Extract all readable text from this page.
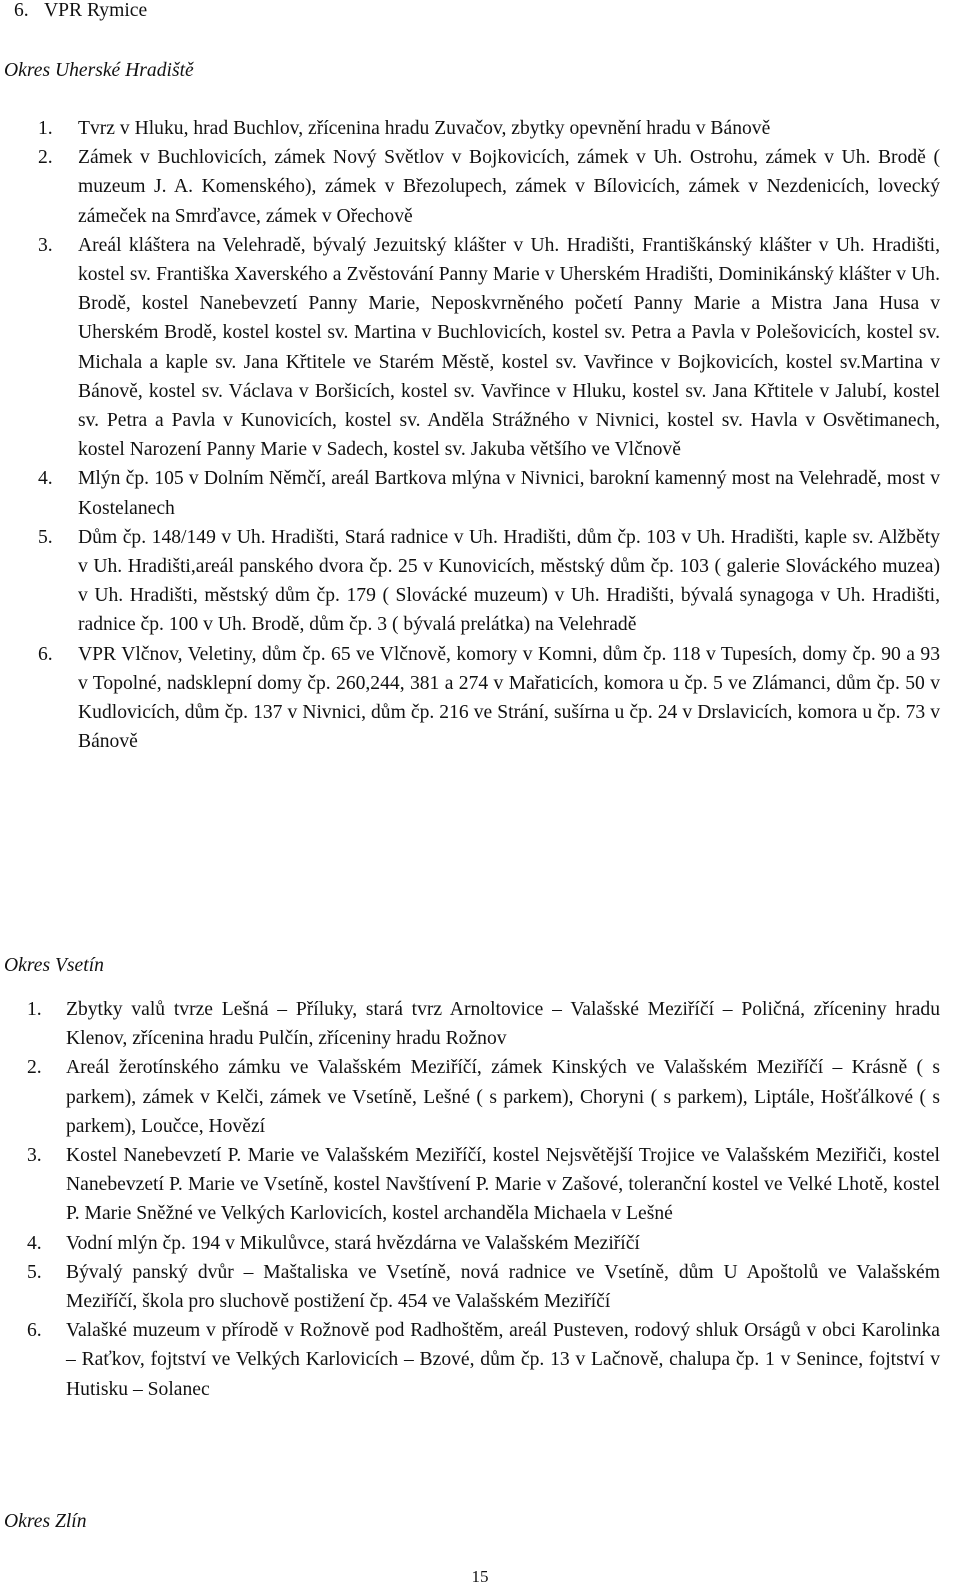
6. VPR Rymice
Okres Uherské Hradiště
1.	Tvrz v Hluku, hrad Buchlov, zřícenina hradu Zuvačov, zbytky opevnění hradu v Bánově
2.	Zámek v Buchlovicích, zámek Nový Světlov v Bojkovicích, zámek v Uh. Ostrohu, zámek v Uh. Brodě ( muzeum J. A. Komenského), zámek v Březolupech, zámek v Bílovicích, zámek v Nezdenicích, lovecký zámeček na Smrďavce, zámek v Ořechově
3.	Areál kláštera na Velehradě, bývalý Jezuitský klášter v Uh. Hradišti, Františkánský klášter v Uh. Hradišti, kostel sv. Františka Xaverského a Zvěstování Panny Marie v Uherském Hradišti, Dominikánský klášter v Uh. Brodě, kostel Nanebevzetí Panny Marie, Neposkvrněného početí Panny Marie a Mistra Jana Husa v Uherském Brodě, kostel kostel sv. Martina v Buchlovicích, kostel sv. Petra a Pavla v Polešovicích, kostel sv. Michala a kaple sv. Jana Křtitele ve Starém Městě, kostel sv. Vavřince v Bojkovicích, kostel sv.Martina v Bánově, kostel sv. Václava v Boršicích, kostel sv. Vavřince v Hluku, kostel sv. Jana Křtitele v Jalubí, kostel sv. Petra a Pavla v Kunovicích, kostel sv. Anděla Strážného v Nivnici, kostel sv. Havla v Osvětimanech, kostel Narození Panny Marie v Sadech, kostel sv. Jakuba většího ve Vlčnově
4.	Mlýn čp. 105 v Dolním Němčí, areál Bartkova mlýna v Nivnici, barokní kamenný most na Velehradě, most v Kostelanech
5.	Dům čp. 148/149 v Uh. Hradišti, Stará radnice v Uh. Hradišti, dům čp. 103 v Uh. Hradišti, kaple sv. Alžběty v Uh. Hradišti,areál panského dvora čp. 25 v Kunovicích, městský dům čp. 103 ( galerie Slováckého muzea) v Uh. Hradišti, městský dům čp. 179 ( Slovácké muzeum) v Uh. Hradišti, bývalá synagoga v Uh. Hradišti, radnice čp. 100 v Uh. Brodě, dům čp. 3 ( bývalá prelátka) na Velehradě
6.	VPR Vlčnov, Veletiny, dům čp. 65 ve Vlčnově, komory v Komni, dům čp. 118 v Tupesích, domy čp. 90 a 93 v Topolné, nadsklepní domy čp. 260,244, 381 a 274 v Mařaticích, komora u čp. 5 ve Zlámanci, dům čp. 50 v Kudlovicích, dům čp. 137 v Nivnici, dům čp. 216 ve Strání, sušírna u čp. 24 v Drslavicích, komora u čp. 73 v Bánově
Okres Vsetín
1.	Zbytky valů tvrze Lešná – Příluky, stará tvrz Arnoltovice – Valašské Meziříčí – Poličná, zříceniny hradu Klenov, zřícenina hradu Pulčín, zříceniny hradu Rožnov
2.	Areál žerotínského zámku ve Valašském Meziříčí, zámek Kinských ve Valašském Meziříčí – Krásně ( s parkem), zámek v Kelči, zámek ve Vsetíně, Lešné ( s parkem), Choryni ( s parkem), Liptále, Hošťálkové ( s parkem), Loučce, Hovězí
3.	Kostel Nanebevzetí P. Marie ve Valašském Meziříčí, kostel Nejsvětější Trojice ve Valašském Meziřiči, kostel Nanebevzetí P. Marie ve Vsetíně, kostel Navštívení P. Marie v Zašové, toleranční kostel ve Velké Lhotě, kostel P. Marie Sněžné ve Velkých Karlovicích, kostel archanděla Michaela v Lešné
4.	Vodní mlýn čp. 194 v Mikulůvce, stará hvězdárna ve Valašském Meziříčí
5.	Bývalý panský dvůr – Maštaliska ve Vsetíně, nová radnice ve Vsetíně, dům U Apoštolů ve Valašském Meziříčí, škola pro sluchově postižení čp. 454 ve Valašském Meziříčí
6.	Valašké muzeum v přírodě v Rožnově pod Radhoštěm, areál Pusteven, rodový shluk Orságů v obci Karolinka – Raťkov, fojtství ve Velkých Karlovicích – Bzové, dům čp. 13 v Lačnově, chalupa čp. 1 v Senince, fojtství v Hutisku – Solanec
Okres Zlín
15
